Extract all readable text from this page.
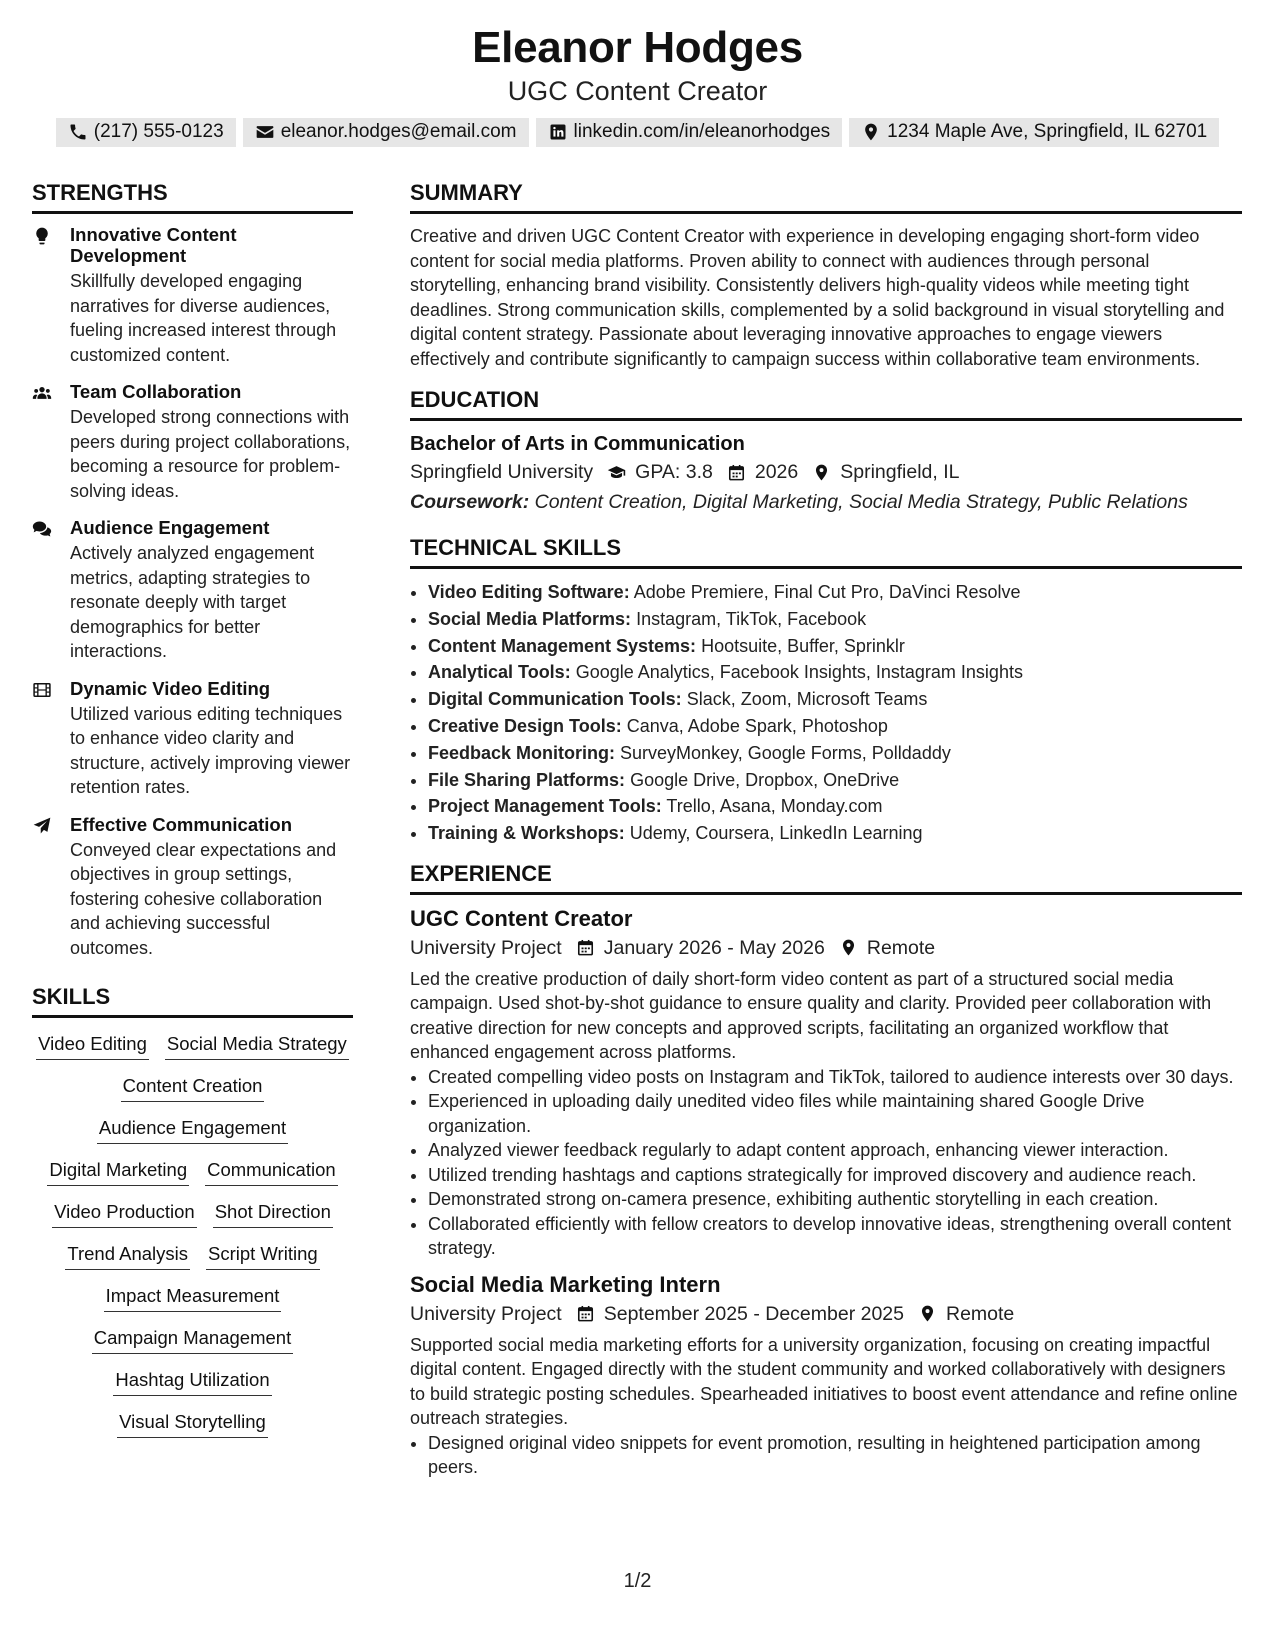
Eleanor Hodges
UGC Content Creator
(217) 555-0123	eleanor.hodges@email.com	linkedin.com/in/eleanorhodges	1234 Maple Ave, Springfield, IL 62701
STRENGTHS
Innovative Content Development
Skillfully developed engaging narratives for diverse audiences, fueling increased interest through customized content.
Team Collaboration
Developed strong connections with peers during project collaborations, becoming a resource for problem-solving ideas.
Audience Engagement
Actively analyzed engagement metrics, adapting strategies to resonate deeply with target demographics for better interactions.
Dynamic Video Editing
Utilized various editing techniques to enhance video clarity and structure, actively improving viewer retention rates.
Effective Communication
Conveyed clear expectations and objectives in group settings, fostering cohesive collaboration and achieving successful outcomes.
SKILLS
Video Editing Social Media Strategy
Content Creation
Audience Engagement
Digital Marketing Communication
Video Production Shot Direction
Trend Analysis Script Writing
Impact Measurement
Campaign Management
Hashtag Utilization
Visual Storytelling
SUMMARY
Creative and driven UGC Content Creator with experience in developing engaging short-form video content for social media platforms. Proven ability to connect with audiences through personal storytelling, enhancing brand visibility. Consistently delivers high-quality videos while meeting tight deadlines. Strong communication skills, complemented by a solid background in visual storytelling and digital content strategy. Passionate about leveraging innovative approaches to engage viewers effectively and contribute significantly to campaign success within collaborative team environments.
EDUCATION
Bachelor of Arts in Communication
Springfield University GPA: 3.8 2026 Springfield, IL
Coursework: Content Creation, Digital Marketing, Social Media Strategy, Public Relations
TECHNICAL SKILLS
• Video Editing Software: Adobe Premiere, Final Cut Pro, DaVinci Resolve
• Social Media Platforms: Instagram, TikTok, Facebook
• Content Management Systems: Hootsuite, Buffer, Sprinklr
• Analytical Tools: Google Analytics, Facebook Insights, Instagram Insights
• Digital Communication Tools: Slack, Zoom, Microsoft Teams
• Creative Design Tools: Canva, Adobe Spark, Photoshop
• Feedback Monitoring: SurveyMonkey, Google Forms, Polldaddy
• File Sharing Platforms: Google Drive, Dropbox, OneDrive
• Project Management Tools: Trello, Asana, Monday.com
• Training & Workshops: Udemy, Coursera, LinkedIn Learning
EXPERIENCE
UGC Content Creator
University Project January 2026 - May 2026 Remote
Led the creative production of daily short-form video content as part of a structured social media campaign. Used shot-by-shot guidance to ensure quality and clarity. Provided peer collaboration with creative direction for new concepts and approved scripts, facilitating an organized workflow that enhanced engagement across platforms.
• Created compelling video posts on Instagram and TikTok, tailored to audience interests over 30 days.
• Experienced in uploading daily unedited video files while maintaining shared Google Drive organization.
• Analyzed viewer feedback regularly to adapt content approach, enhancing viewer interaction.
• Utilized trending hashtags and captions strategically for improved discovery and audience reach.
• Demonstrated strong on-camera presence, exhibiting authentic storytelling in each creation.
• Collaborated efficiently with fellow creators to develop innovative ideas, strengthening overall content strategy.
Social Media Marketing Intern
University Project September 2025 - December 2025 Remote
Supported social media marketing efforts for a university organization, focusing on creating impactful digital content. Engaged directly with the student community and worked collaboratively with designers to build strategic posting schedules. Spearheaded initiatives to boost event attendance and refine online outreach strategies.
• Designed original video snippets for event promotion, resulting in heightened participation among peers.
1/2
